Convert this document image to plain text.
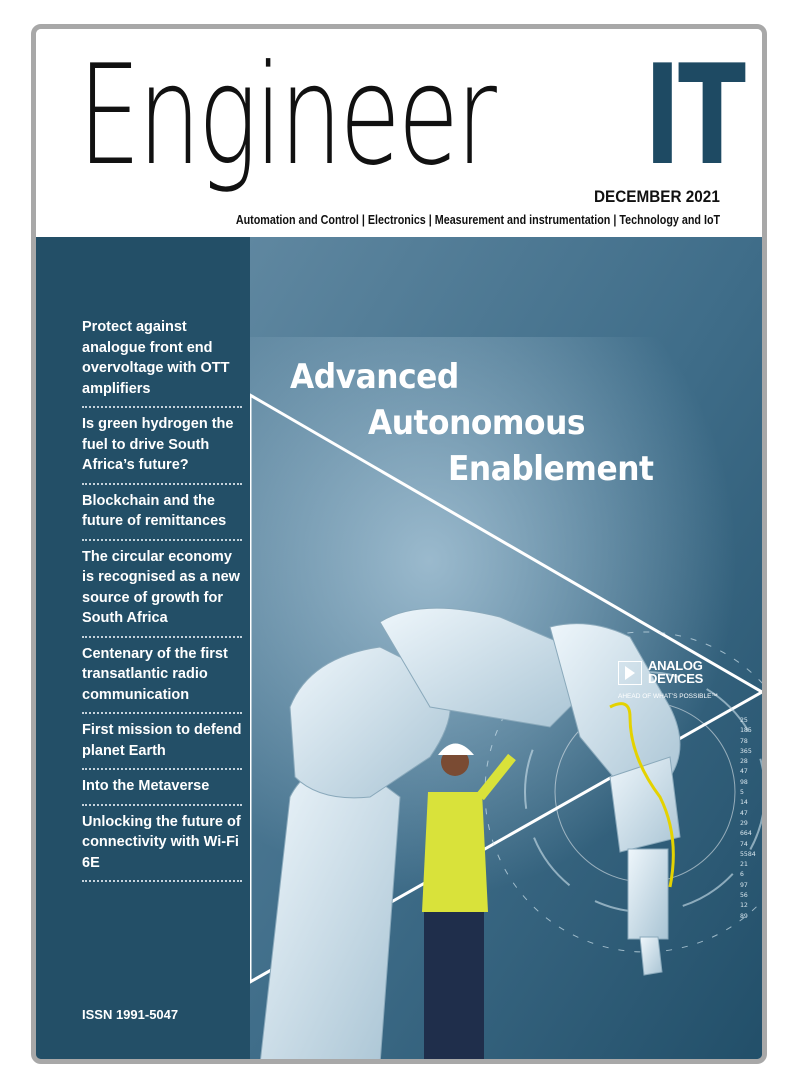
Engineer IT
DECEMBER 2021
Automation and Control | Electronics | Measurement and instrumentation | Technology and IoT
Protect against analogue front end overvoltage with OTT amplifiers
Is green hydrogen the fuel to drive South Africa’s future?
Blockchain and the future of remittances
The circular economy is recognised as a new source of growth for South Africa
Centenary of the first transatlantic radio communication
First mission to defend planet Earth
Into the Metaverse
Unlocking the future of connectivity with Wi-Fi 6E
ISSN 1991-5047
Advanced
Autonomous
Enablement
ANALOG
DEVICES
AHEAD OF WHAT’S POSSIBLE™
25
185
78
365
28
47
98
5
14
47
29
664
74
5584
21
6
97
56
12
89
